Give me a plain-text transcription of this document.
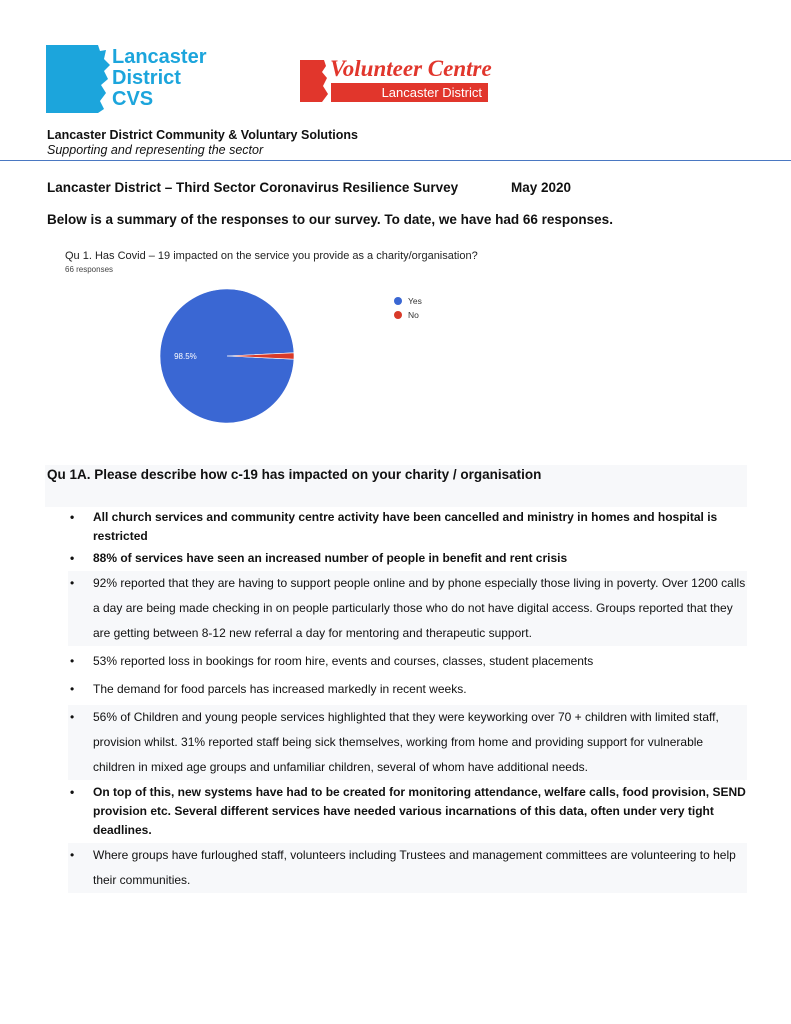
Lancaster
District
CVS
Volunteer Centre
Lancaster District
Lancaster District Community & Voluntary Solutions
Supporting and representing the sector
Lancaster District – Third Sector Coronavirus Resilience Survey	May 2020
Below is a summary of the responses to our survey. To date, we have had 66 responses.
Qu 1. Has Covid – 19 impacted on the service you provide as a charity/organisation?
66 responses
98.5%
Yes
No
Qu 1A. Please describe how c-19 has impacted on your charity / organisation
• All church services and community centre activity have been cancelled and ministry in homes and hospital is restricted
• 88% of services have seen an increased number of people in benefit and rent crisis
• 92% reported that they are having to support people online and by phone especially those living in poverty. Over 1200 calls a day are being made checking in on people particularly those who do not have digital access. Groups reported that they are getting between 8-12 new referral a day for mentoring and therapeutic support.
• 53% reported loss in bookings for room hire, events and courses, classes, student placements
• The demand for food parcels has increased markedly in recent weeks.
• 56% of Children and young people services highlighted that they were keyworking over 70 + children with limited staff, provision whilst. 31% reported staff being sick themselves, working from home and providing support for vulnerable children in mixed age groups and unfamiliar children, several of whom have additional needs.
• On top of this, new systems have had to be created for monitoring attendance, welfare calls, food provision, SEND provision etc. Several different services have needed various incarnations of this data, often under very tight deadlines.
• Where groups have furloughed staff, volunteers including Trustees and management committees are volunteering to help their communities.
